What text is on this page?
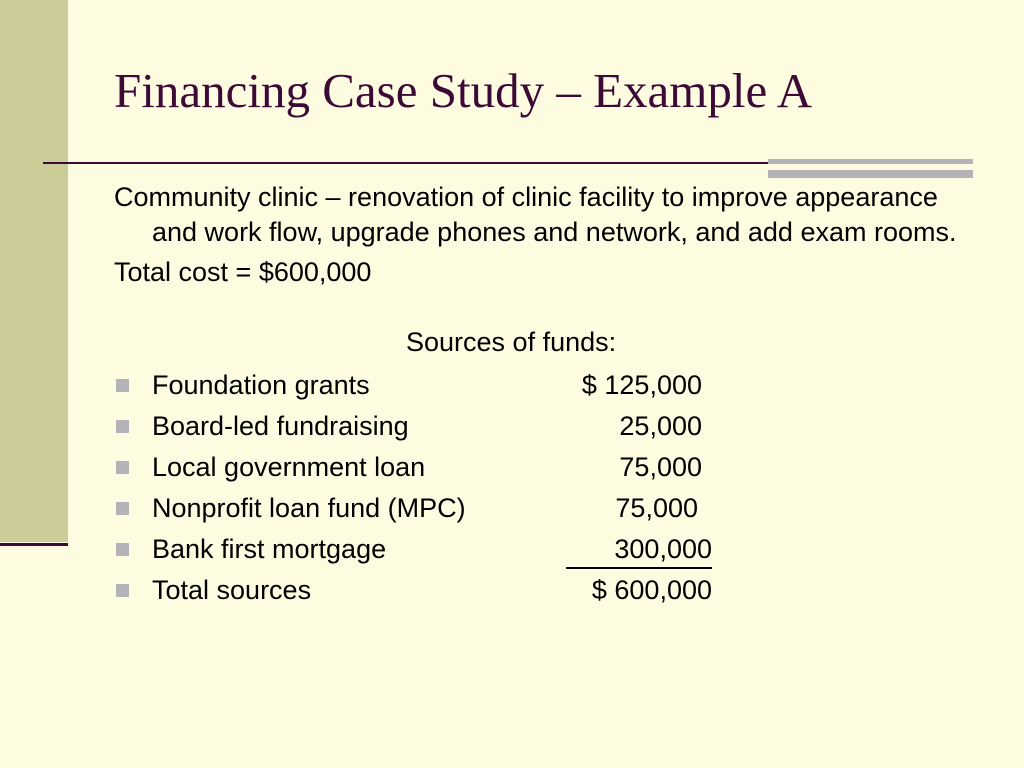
Financing Case Study – Example A

Community clinic – renovation of clinic facility to improve appearance and work flow, upgrade phones and network, and add exam rooms.

Total cost = $600,000

Sources of funds:
Foundation grants	$ 125,000
Board-led fundraising	25,000
Local government loan	75,000
Nonprofit loan fund (MPC)	75,000
Bank first mortgage	300,000
Total sources	$ 600,000
